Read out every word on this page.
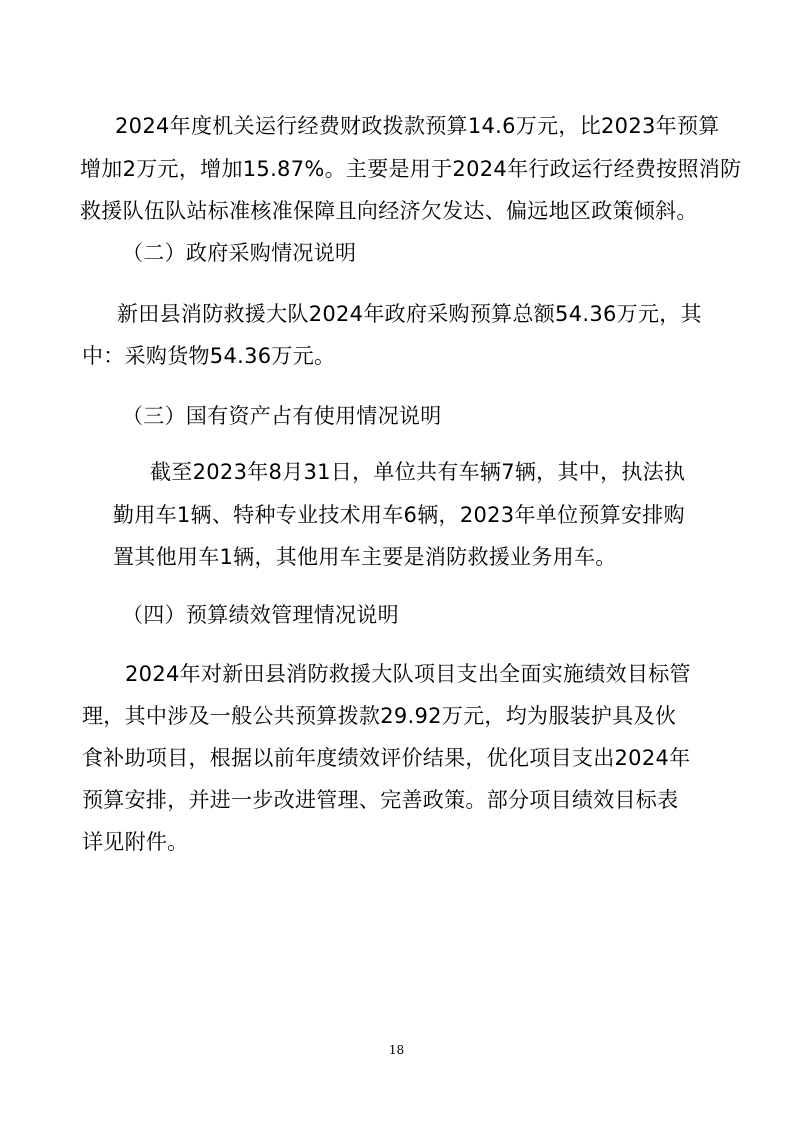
2024年度机关运行经费财政拨款预算14.6万元，比2023年预算
增加2万元，增加15.87%。主要是用于2024年行政运行经费按照消防
救援队伍队站标准核准保障且向经济欠发达、偏远地区政策倾斜。
（二）政府采购情况说明
新田县消防救援大队2024年政府采购预算总额54.36万元，其
中：采购货物54.36万元。
（三）国有资产占有使用情况说明
截至2023年8月31日，单位共有车辆7辆，其中，执法执
勤用车1辆、特种专业技术用车6辆，2023年单位预算安排购
置其他用车1辆，其他用车主要是消防救援业务用车。
（四）预算绩效管理情况说明
2024年对新田县消防救援大队项目支出全面实施绩效目标管
理，其中涉及一般公共预算拨款29.92万元，均为服装护具及伙
食补助项目，根据以前年度绩效评价结果，优化项目支出2024年
预算安排，并进一步改进管理、完善政策。部分项目绩效目标表
详见附件。
18
